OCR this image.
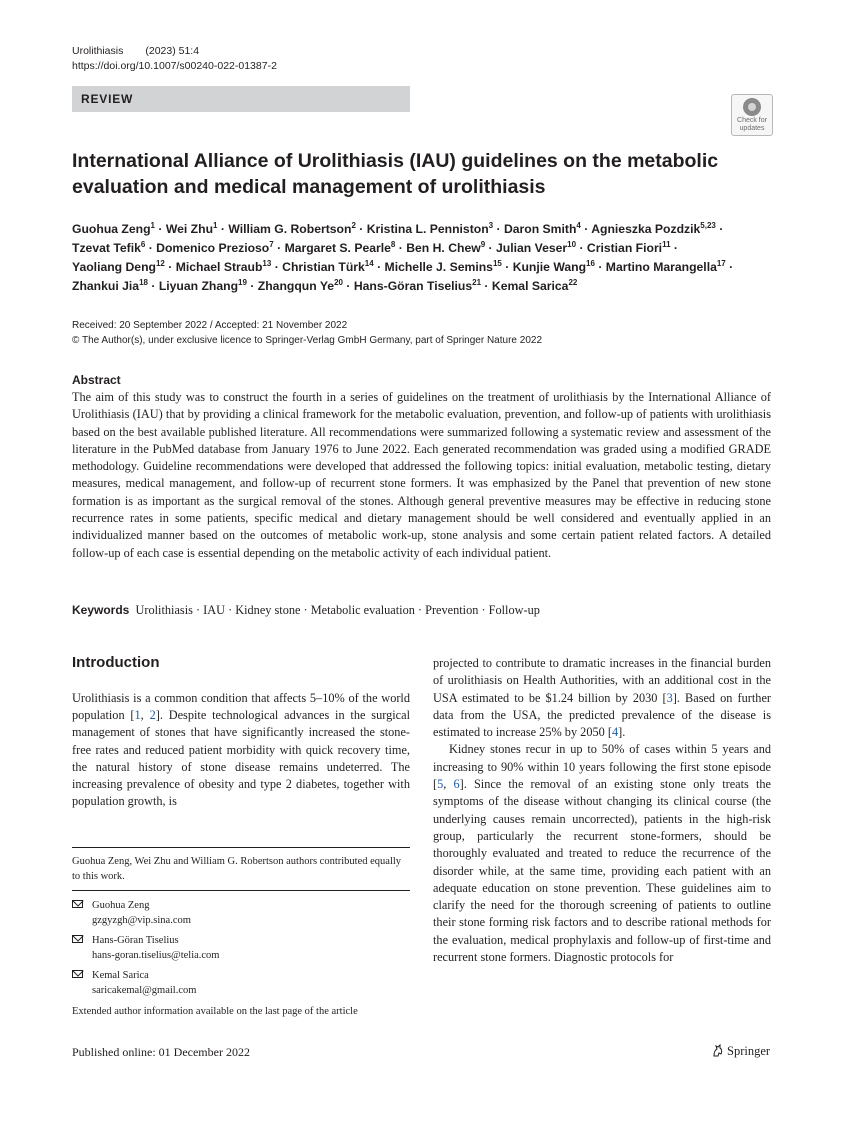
Urolithiasis (2023) 51:4
https://doi.org/10.1007/s00240-022-01387-2
REVIEW
Check for
updates
International Alliance of Urolithiasis (IAU) guidelines on the metabolic evaluation and medical management of urolithiasis
Guohua Zeng$^1$ · Wei Zhu$^1$ · William G. Robertson$^2$ · Kristina L. Penniston$^3$ · Daron Smith$^4$ · Agnieszka Pozdzik$^{5,23}$ ·
Tzevat Tefik$^6$ · Domenico Prezioso$^7$ · Margaret S. Pearle$^8$ · Ben H. Chew$^9$ · Julian Veser$^{10}$ · Cristian Fiori$^{11}$ ·
Yaoliang Deng$^{12}$ · Michael Straub$^{13}$ · Christian Türk$^{14}$ · Michelle J. Semins$^{15}$ · Kunjie Wang$^{16}$ · Martino Marangella$^{17}$ ·
Zhankui Jia$^{18}$ · Liyuan Zhang$^{19}$ · Zhangqun $Ye^{20}$ · Hans-Göran Tiselius$^{21}$ · Kemal Sarica$^{22}$
Received: 20 September 2022 / Accepted: 21 November 2022
© The Author(s), under exclusive licence to Springer-Verlag GmbH Germany, part of Springer Nature 2022
Abstract
The aim of this study was to construct the fourth in a series of guidelines on the treatment of urolithiasis by the International Alliance of Urolithiasis (IAU) that by providing a clinical framework for the metabolic evaluation, prevention, and follow-up of patients with urolithiasis based on the best available published literature. All recommendations were summarized following a systematic review and assessment of the literature in the PubMed database from January 1976 to June 2022. Each generated recommendation was graded using a modified GRADE methodology. Guideline recommendations were developed that addressed the following topics: initial evaluation, metabolic testing, dietary measures, medical management, and follow-up of recurrent stone formers. It was emphasized by the Panel that prevention of new stone formation is as important as the surgical removal of the stones. Although general preventive measures may be effective in reducing stone recurrence rates in some patients, specific medical and dietary management should be well considered and eventually applied in an individualized manner based on the outcomes of metabolic work-up, stone analysis and some certain patient related factors. A detailed follow-up of each case is essential depending on the metabolic activity of each individual patient.
Keywords Urolithiasis · IAU · Kidney stone · Metabolic evaluation · Prevention · Follow-up
Introduction
Urolithiasis is a common condition that affects 5–10% of the world population [1, 2]. Despite technological advances in the surgical management of stones that have significantly increased the stone-free rates and reduced patient morbidity with quick recovery time, the natural history of stone disease remains undeterred. The increasing prevalence of obesity and type 2 diabetes, together with population growth, is

projected to contribute to dramatic increases in the financial burden of urolithiasis on Health Authorities, with an additional cost in the USA estimated to be $1.24 billion by 2030 [3]. Based on further data from the USA, the predicted prevalence of the disease is estimated to increase 25% by 2050 [4].

Kidney stones recur in up to 50% of cases within 5 years and increasing to 90% within 10 years following the first stone episode [5, 6]. Since the removal of an existing stone only treats the symptoms of the disease without changing its clinical course (the underlying causes remain uncorrected), patients in the high-risk group, particularly the recurrent stone-formers, should be thoroughly evaluated and treated to reduce the recurrence of the disorder while, at the same time, providing each patient with an adequate education on stone prevention. These guidelines aim to clarify the need for the thorough screening of patients to outline their stone forming risk factors and to describe rational methods for the evaluation, medical prophylaxis and follow-up of first-time and recurrent stone formers. Diagnostic protocols for

Guohua Zeng, Wei Zhu and William G. Robertson authors contributed equally to this work.
Guohua Zeng
gzgyzgh@vip.sina.com
Hans-Göran Tiselius
hans-goran.tiselius@telia.com
Kemal Sarica
saricakemal@gmail.com
Extended author information available on the last page of the article
Published online: 01 December 2022	Springer
